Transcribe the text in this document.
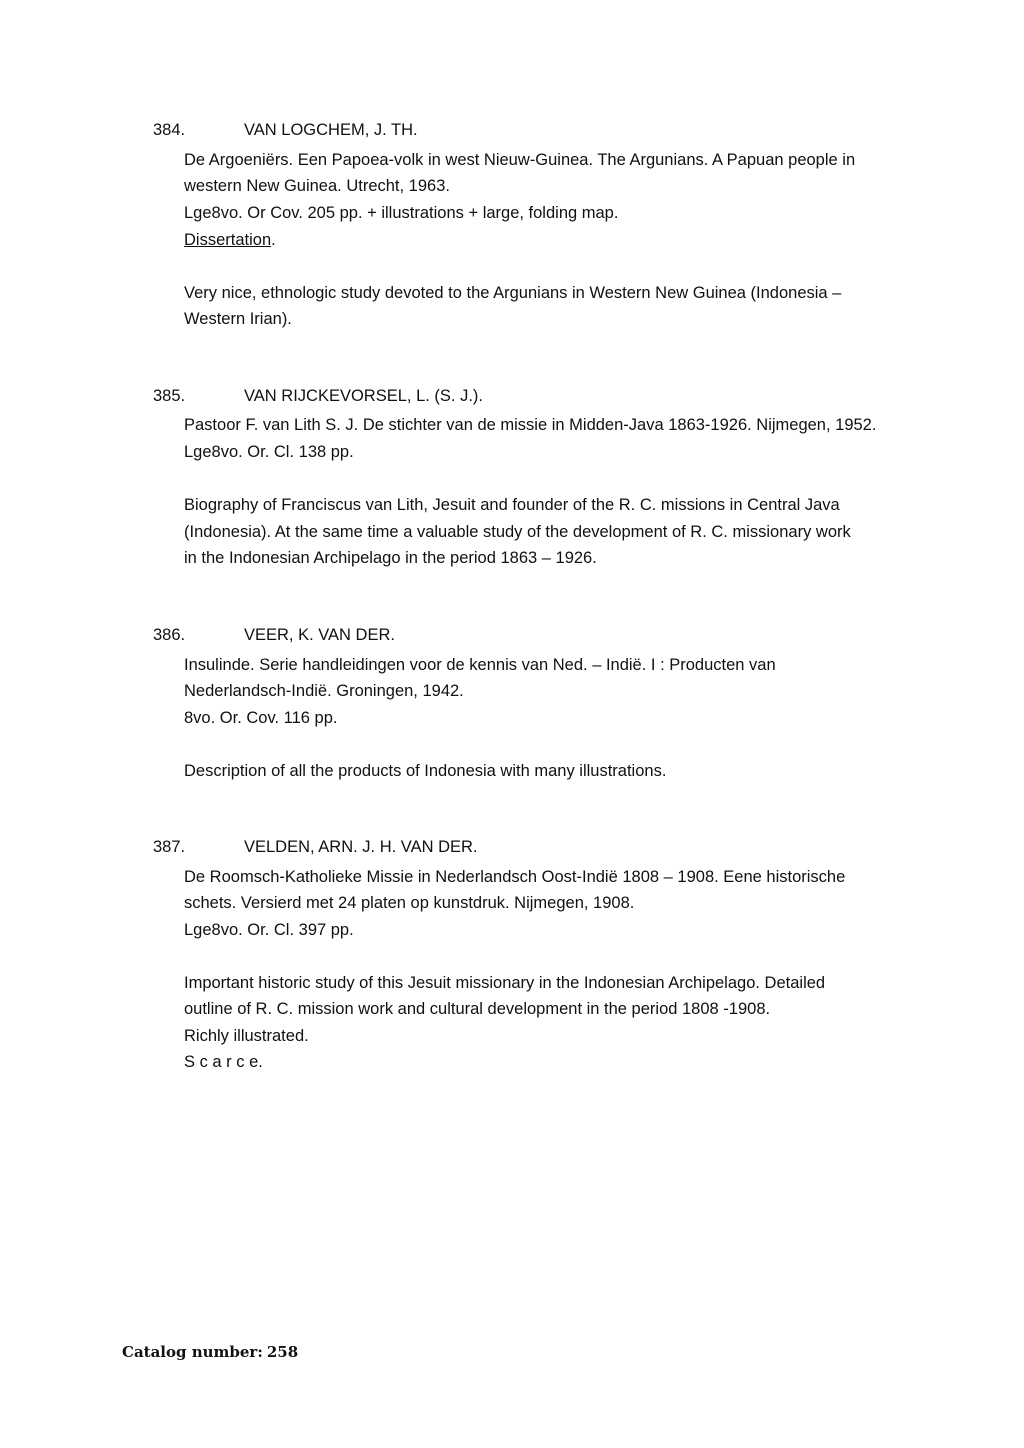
384.	VAN LOGCHEM, J. TH.
De Argoeniërs. Een Papoea-volk in west Nieuw-Guinea. The Argunians. A Papuan people in
western New Guinea. Utrecht, 1963.
Lge8vo. Or Cov. 205 pp. + illustrations + large, folding map.
Dissertation.
Very nice, ethnologic study devoted to the Argunians in Western New Guinea (Indonesia –
Western Irian).
385.	VAN RIJCKEVORSEL, L. (S. J.).
Pastoor F. van Lith S. J. De stichter van de missie in Midden-Java 1863-1926. Nijmegen, 1952.
Lge8vo. Or. Cl. 138 pp.
Biography of Franciscus van Lith, Jesuit and founder of the R. C. missions in Central Java
(Indonesia). At the same time a valuable study of the development of R. C. missionary work
in the Indonesian Archipelago in the period 1863 – 1926.
386.	VEER, K. VAN DER.
Insulinde. Serie handleidingen voor de kennis van Ned. – Indië. I : Producten van
Nederlandsch-Indië. Groningen, 1942.
8vo. Or. Cov. 116 pp.
Description of all the products of Indonesia with many illustrations.
387.	VELDEN, ARN. J. H. VAN DER.
De Roomsch-Katholieke Missie in Nederlandsch Oost-Indië 1808 – 1908. Eene historische
schets. Versierd met 24 platen op kunstdruk. Nijmegen, 1908.
Lge8vo. Or. Cl. 397 pp.
Important historic study of this Jesuit missionary in the Indonesian Archipelago. Detailed
outline of R. C. mission work and cultural development in the period 1808 -1908.
Richly illustrated.
S c a r c e.
Catalog number: 258
